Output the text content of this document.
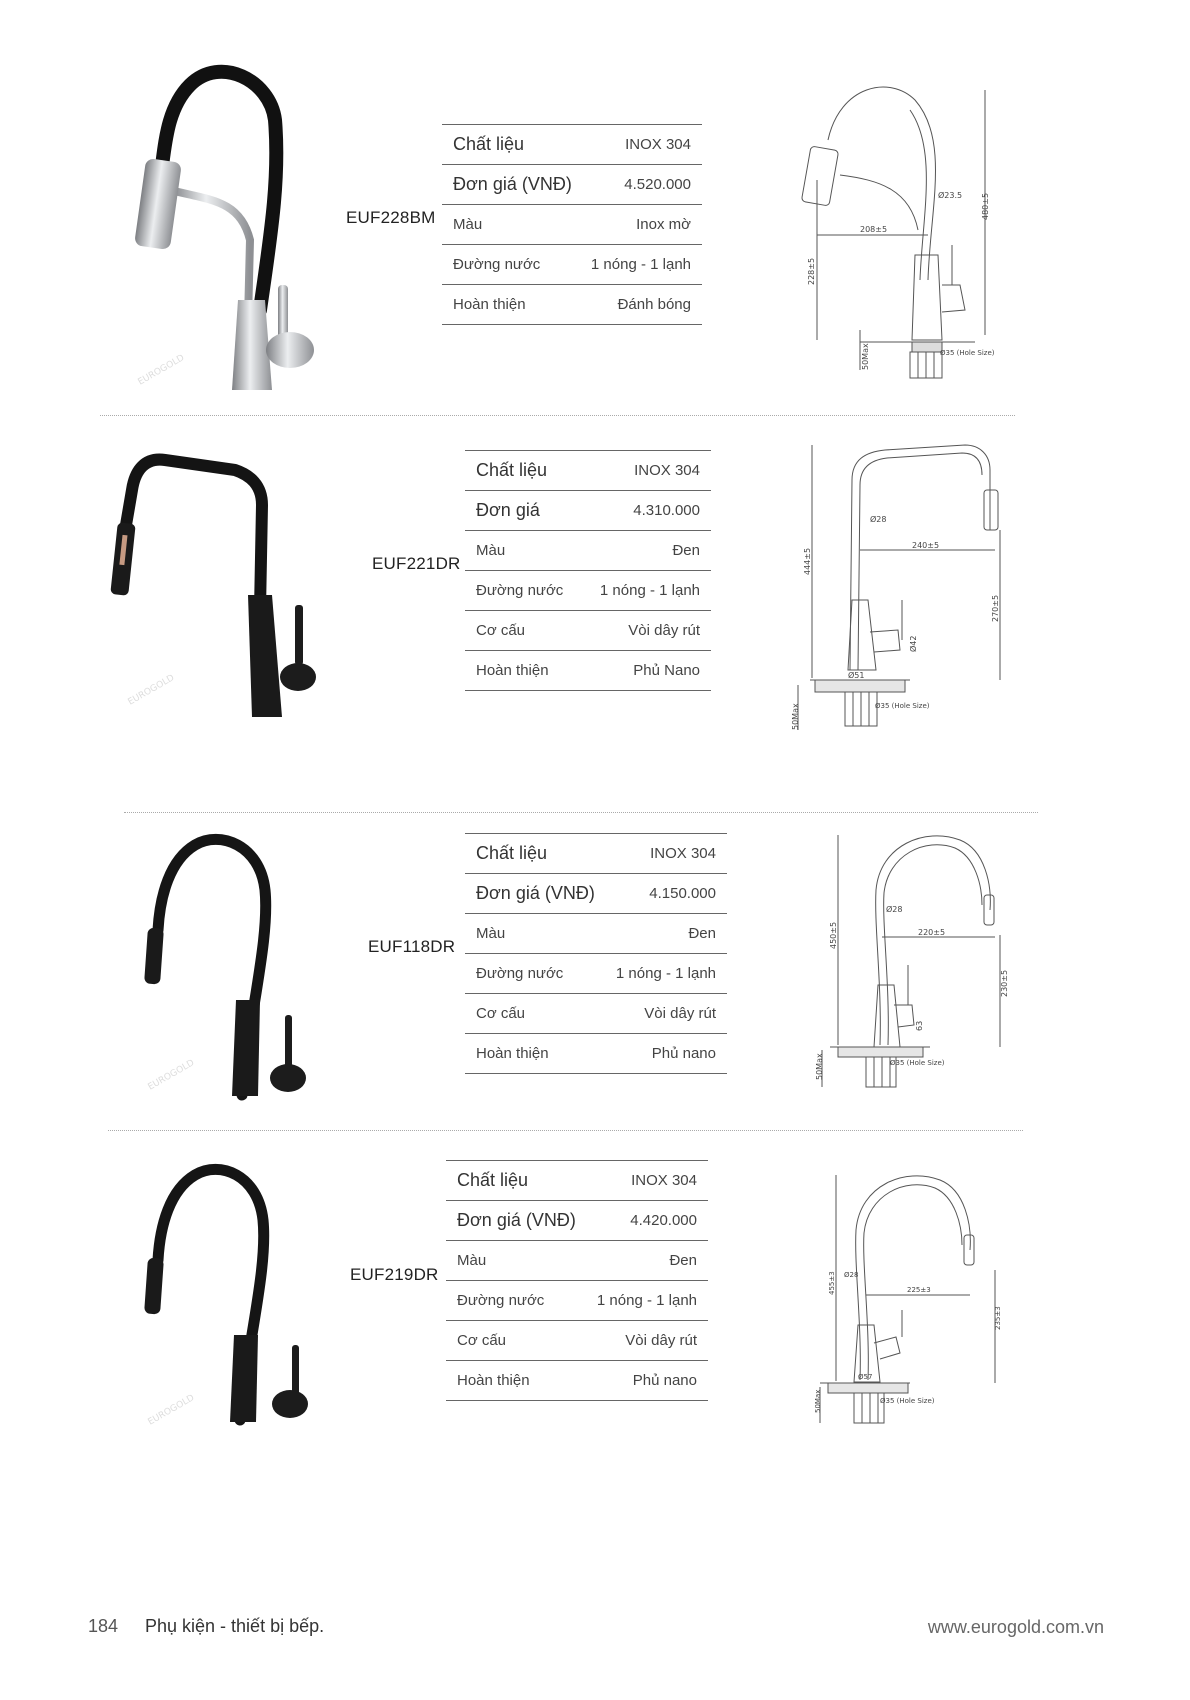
EUROGOLD
EUF228BM
Chất liệu	INOX 304
Đơn giá (VNĐ)	4.520.000
Màu	Inox mờ
Đường nước	1 nóng - 1 lạnh
Hoàn thiện	Đánh bóng
Ø23.5
208±5
480±5
228±5
50Max	Ø35 (Hole Size)
EUROGOLD
EUF221DR
Chất liệu	INOX 304
Đơn giá	4.310.000
Màu	Đen
Đường nước 1 nóng - 1 lạnh
Cơ cấu	Vòi dây rút
Hoàn thiện	Phủ Nano
Ø28
240±5
444±5
270±5
Ø42
Ø51
50Max	Ø35 (Hole Size)
EUROGOLD
EUF118DR
Chất liệu	INOX 304
Đơn giá (VNĐ)	4.150.000
Màu	Đen
Đường nước	1 nóng - 1 lạnh
Cơ cấu	Vòi dây rút
Hoàn thiện	Phủ nano
Ø28
220±5
450±5
230±5
63
50Max	Ø35 (Hole Size)
EUROGOLD
EUF219DR
Chất liệu	INOX 304
Đơn giá (VNĐ)	4.420.000
Màu	Đen
Đường nước	1 nóng - 1 lạnh
Cơ cấu	Vòi dây rút
Hoàn thiện	Phủ nano
Ø28
225±3
455±3
235±3
Ø57
50Max	Ø35 (Hole Size)
184 Phụ kiện - thiết bị bếp.	www.eurogold.com.vn
